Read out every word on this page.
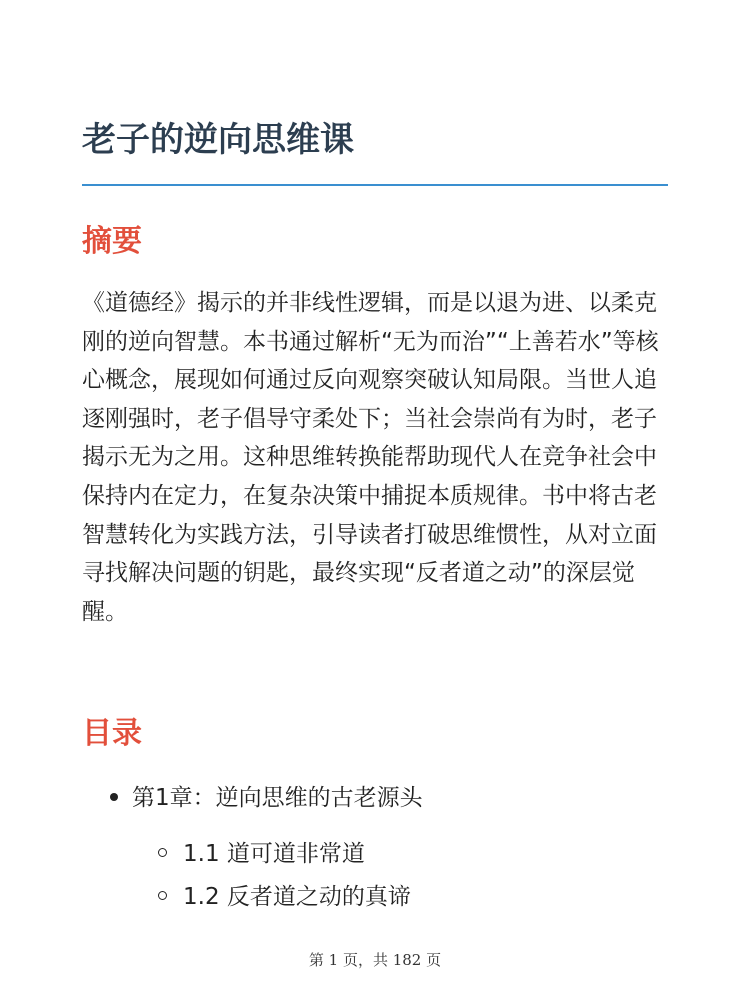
老子的逆向思维课
摘要

《道德经》揭示的并非线性逻辑，而是以退为进、以柔克刚的逆向智慧。本书通过解析“无为而治”“上善若水”等核心概念，展现如何通过反向观察突破认知局限。当世人追逐刚强时，老子倡导守柔处下；当社会崇尚有为时，老子揭示无为之用。这种思维转换能帮助现代人在竞争社会中保持内在定力，在复杂决策中捕捉本质规律。书中将古老智慧转化为实践方法，引导读者打破思维惯性，从对立面寻找解决问题的钥匙，最终实现“反者道之动”的深层觉醒。

目录
第1章：逆向思维的古老源头
1.1 道可道非常道
1.2 反者道之动的真谛
第 1 页，共 182 页
